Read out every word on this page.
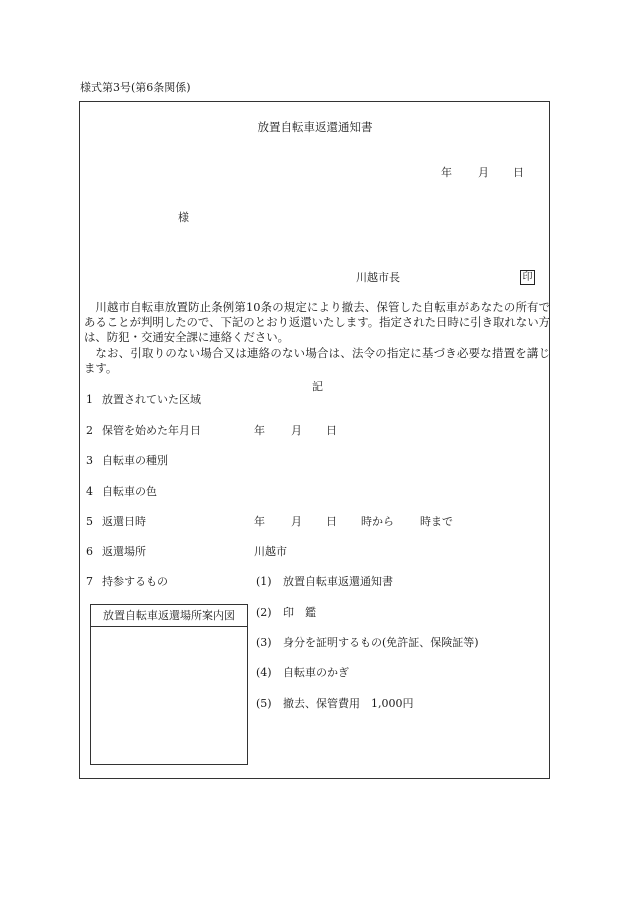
様式第3号(第6条関係)
放置自転車返還通知書
年 月 日
様
川越市長	印

川越市自転車放置防止条例第10条の規定により撤去、保管した自転車があなたの所有であることが判明したので、下記のとおり返還いたします。指定された日時に引き取れない方は、防犯・交通安全課に連絡ください。

なお、引取りのない場合又は連絡のない場合は、法令の指定に基づき必要な措置を講じます。

記
1 放置されていた区域
2 保管を始めた年月日	年 月 日
3 自転車の種別
4 自転車の色
5 返還日時	年 月 日 時から 時まで
6 返還場所	川越市
7 持参するもの	(1) 放置自転車返還通知書
(2) 印　鑑
(3) 身分を証明するもの(免許証、保険証等)
(4) 自転車のかぎ
(5) 撤去、保管費用　1,000円
放置自転車返還場所案内図
